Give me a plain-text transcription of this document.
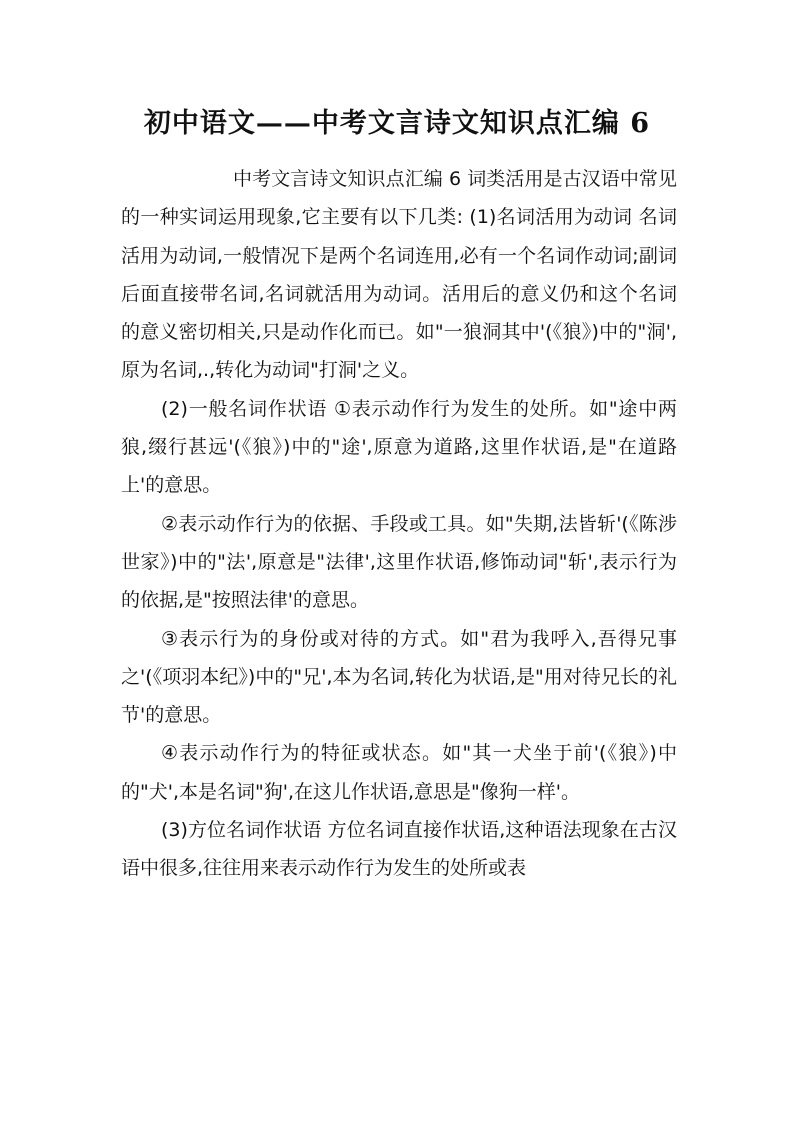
初中语文——中考文言诗文知识点汇编 6

中考文言诗文知识点汇编 6 词类活用是古汉语中常见的一种实词运用现象,它主要有以下几类: (1)名词活用为动词 名词活用为动词,一般情况下是两个名词连用,必有一个名词作动词;副词后面直接带名词,名词就活用为动词。活用后的意义仍和这个名词的意义密切相关,只是动作化而已。如"一狼洞其中'(《狼》)中的"洞',原为名词,.,转化为动词"打洞'之义。

(2)一般名词作状语 ①表示动作行为发生的处所。如"途中两狼,缀行甚远'(《狼》)中的"途',原意为道路,这里作状语,是"在道路上'的意思。

②表示动作行为的依据、手段或工具。如"失期,法皆斩'(《陈涉世家》)中的"法',原意是"法律',这里作状语,修饰动词"斩',表示行为的依据,是"按照法律'的意思。

③表示行为的身份或对待的方式。如"君为我呼入,吾得兄事之'(《项羽本纪》)中的"兄',本为名词,转化为状语,是"用对待兄长的礼节'的意思。

④表示动作行为的特征或状态。如"其一犬坐于前'(《狼》)中的"犬',本是名词"狗',在这儿作状语,意思是"像狗一样'。

(3)方位名词作状语 方位名词直接作状语,这种语法现象在古汉语中很多,往往用来表示动作行为发生的处所或表
